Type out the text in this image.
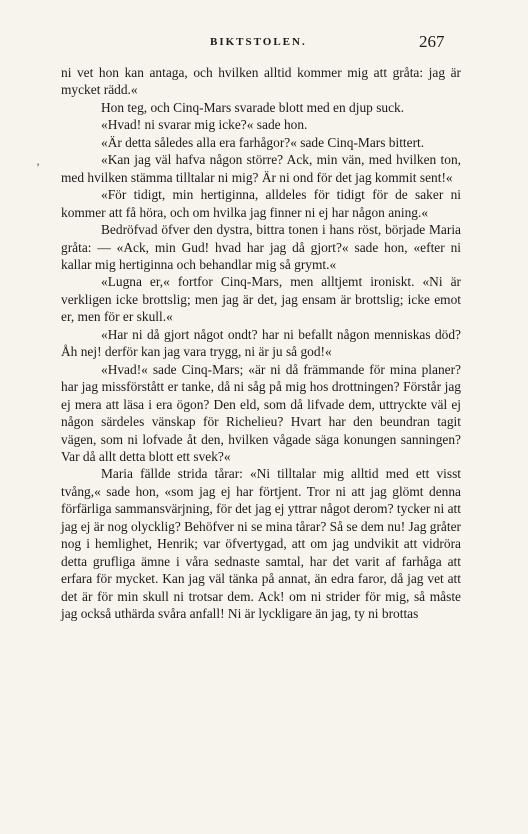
BIKTSTOLEN.	267
’

ni vet hon kan antaga, och hvilken alltid kommer mig att gråta: jag är mycket rädd.«

Hon teg, och Cinq-Mars svarade blott med en djup suck.

«Hvad! ni svarar mig icke?« sade hon.

«Är detta således alla era farhågor?« sade Cinq-Mars bittert.

«Kan jag väl hafva någon större? Ack, min vän, med hvilken ton, med hvilken stämma tilltalar ni mig? Är ni ond för det jag kommit sent!«

«För tidigt, min hertiginna, alldeles för tidigt för de saker ni kommer att få höra, och om hvilka jag finner ni ej har någon aning.«

Bedröfvad öfver den dystra, bittra tonen i hans röst, började Maria gråta: — «Ack, min Gud! hvad har jag då gjort?« sade hon, «efter ni kallar mig hertiginna och behandlar mig så grymt.«

«Lugna er,« fortfor Cinq-Mars, men alltjemt ironiskt. «Ni är verkligen icke brottslig; men jag är det, jag ensam är brottslig; icke emot er, men för er skull.«

«Har ni då gjort något ondt? har ni befallt någon menniskas död? Åh nej! derför kan jag vara trygg, ni är ju så god!«

«Hvad!« sade Cinq-Mars; «är ni då främmande för mina planer? har jag missförstått er tanke, då ni såg på mig hos drottningen? Förstår jag ej mera att läsa i era ögon? Den eld, som då lifvade dem, uttryckte väl ej någon särdeles vänskap för Richelieu? Hvart har den beundran tagit vägen, som ni lofvade åt den, hvilken vågade säga konungen sanningen? Var då allt detta blott ett svek?«

Maria fällde strida tårar: «Ni tilltalar mig alltid med ett visst tvång,« sade hon, «som jag ej har förtjent. Tror ni att jag glömt denna förfärliga sammansvärjning, för det jag ej yttrar något derom? tycker ni att jag ej är nog olycklig? Behöfver ni se mina tårar? Så se dem nu! Jag gråter nog i hemlighet, Henrik; var öfvertygad, att om jag undvikit att vidröra detta grufliga ämne i våra sednaste samtal, har det varit af farhåga att erfara för mycket. Kan jag väl tänka på annat, än edra faror, då jag vet att det är för min skull ni trotsar dem. Ack! om ni strider för mig, så måste jag också uthärda svåra anfall! Ni är lyckligare än jag, ty ni brottas
